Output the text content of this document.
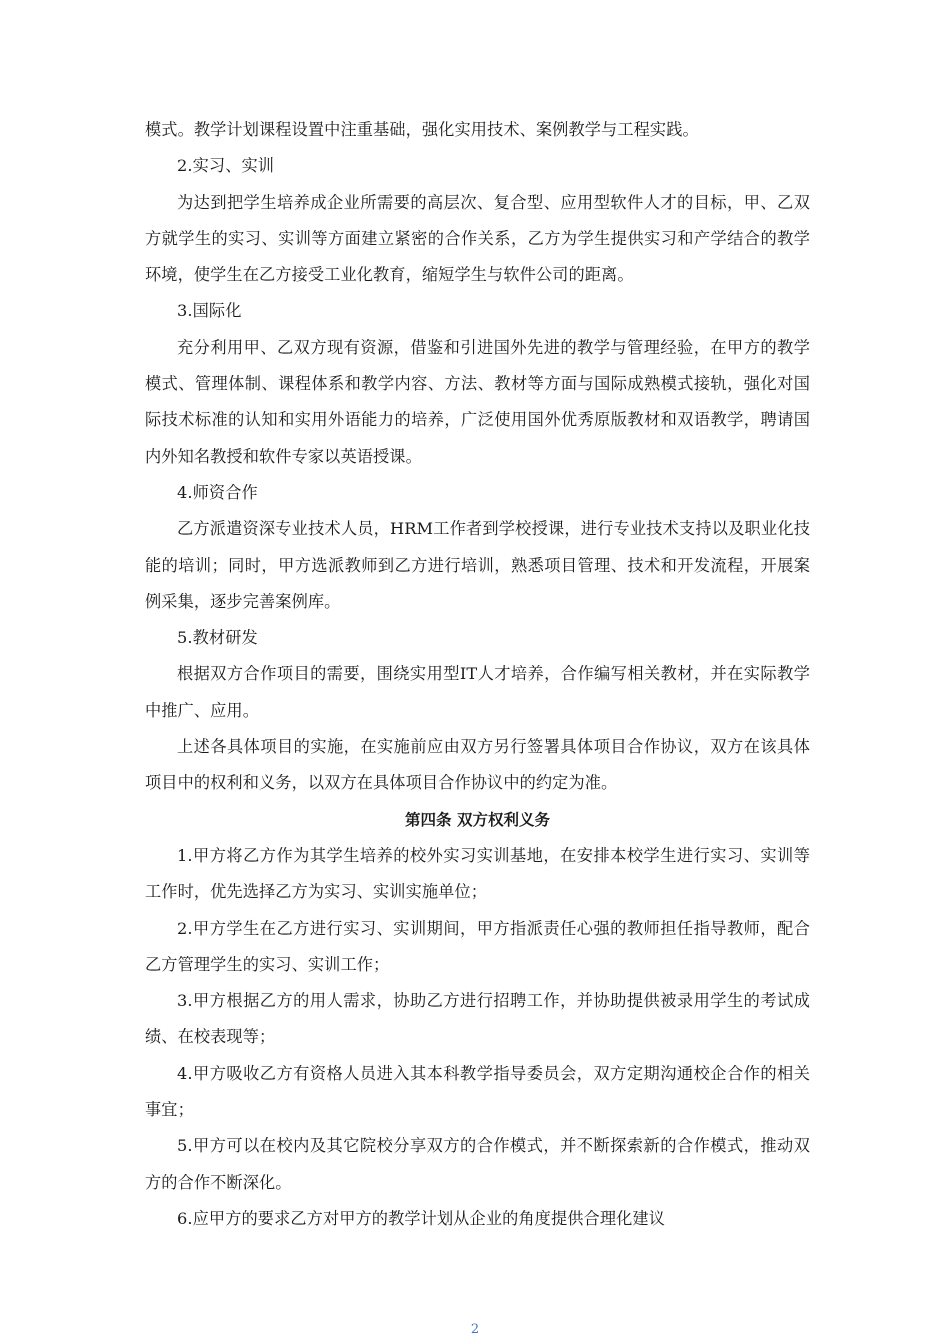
模式。教学计划课程设置中注重基础，强化实用技术、案例教学与工程实践。

2.实习、实训

为达到把学生培养成企业所需要的高层次、复合型、应用型软件人才的目标，甲、乙双方就学生的实习、实训等方面建立紧密的合作关系，乙方为学生提供实习和产学结合的教学环境，使学生在乙方接受工业化教育，缩短学生与软件公司的距离。

3.国际化

充分利用甲、乙双方现有资源，借鉴和引进国外先进的教学与管理经验，在甲方的教学模式、管理体制、课程体系和教学内容、方法、教材等方面与国际成熟模式接轨，强化对国际技术标准的认知和实用外语能力的培养，广泛使用国外优秀原版教材和双语教学，聘请国内外知名教授和软件专家以英语授课。

4.师资合作

乙方派遣资深专业技术人员，HRM工作者到学校授课，进行专业技术支持以及职业化技能的培训；同时，甲方选派教师到乙方进行培训，熟悉项目管理、技术和开发流程，开展案例采集，逐步完善案例库。

5.教材研发

根据双方合作项目的需要，围绕实用型IT人才培养，合作编写相关教材，并在实际教学中推广、应用。

上述各具体项目的实施，在实施前应由双方另行签署具体项目合作协议，双方在该具体项目中的权利和义务，以双方在具体项目合作协议中的约定为准。

第四条 双方权利义务

1.甲方将乙方作为其学生培养的校外实习实训基地，在安排本校学生进行实习、实训等工作时，优先选择乙方为实习、实训实施单位；

2.甲方学生在乙方进行实习、实训期间，甲方指派责任心强的教师担任指导教师，配合乙方管理学生的实习、实训工作；

3.甲方根据乙方的用人需求，协助乙方进行招聘工作，并协助提供被录用学生的考试成绩、在校表现等；

4.甲方吸收乙方有资格人员进入其本科教学指导委员会，双方定期沟通校企合作的相关事宜；

5.甲方可以在校内及其它院校分享双方的合作模式，并不断探索新的合作模式，推动双方的合作不断深化。

6.应甲方的要求乙方对甲方的教学计划从企业的角度提供合理化建议

2
